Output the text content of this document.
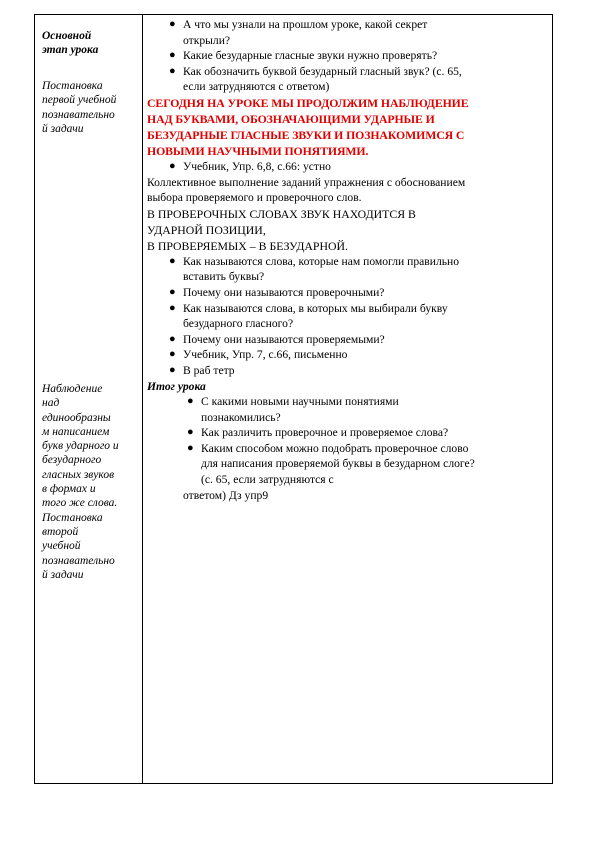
Основной
этап урока
Постановка
первой учебной
познавательно
й задачи
Наблюдение
над
единообразны
м написанием
букв ударного и
безударного
гласных звуков
в формах и
того же слова.
Постановка
второй
учебной
познавательно
й задачи
● А что мы узнали на прошлом уроке, какой секрет
открыли?
● Какие безударные гласные звуки нужно проверять?
● Как обозначить буквой безударный гласный звук? (с. 65,
если затрудняются с ответом)
СЕГОДНЯ НА УРОКЕ МЫ ПРОДОЛЖИМ НАБЛЮДЕНИЕ
НАД БУКВАМИ, ОБОЗНАЧАЮЩИМИ УДАРНЫЕ И
БЕЗУДАРНЫЕ ГЛАСНЫЕ ЗВУКИ И ПОЗНАКОМИМСЯ С
НОВЫМИ НАУЧНЫМИ ПОНЯТИЯМИ.
● Учебник, Упр. 6,8, с.66: устно
Коллективное выполнение заданий упражнения с обоснованием
выбора проверяемого и проверочного слов.
В ПРОВЕРОЧНЫХ СЛОВАХ ЗВУК НАХОДИТСЯ В
УДАРНОЙ ПОЗИЦИИ,
В ПРОВЕРЯЕМЫХ – В БЕЗУДАРНОЙ.
● Как называются слова, которые нам помогли правильно
вставить буквы?
● Почему они называются проверочными?
● Как называются слова, в которых мы выбирали букву
безударного гласного?
● Почему они называются проверяемыми?
● Учебник, Упр. 7, с.66, письменно
● В раб тетр
Итог урока
● С какими новыми научными понятиями
познакомились?
● Как различить проверочное и проверяемое слова?
● Каким способом можно подобрать проверочное слово
для написания проверяемой буквы в безударном слоге?
(с. 65, если затрудняются с
ответом) Дз упр9
